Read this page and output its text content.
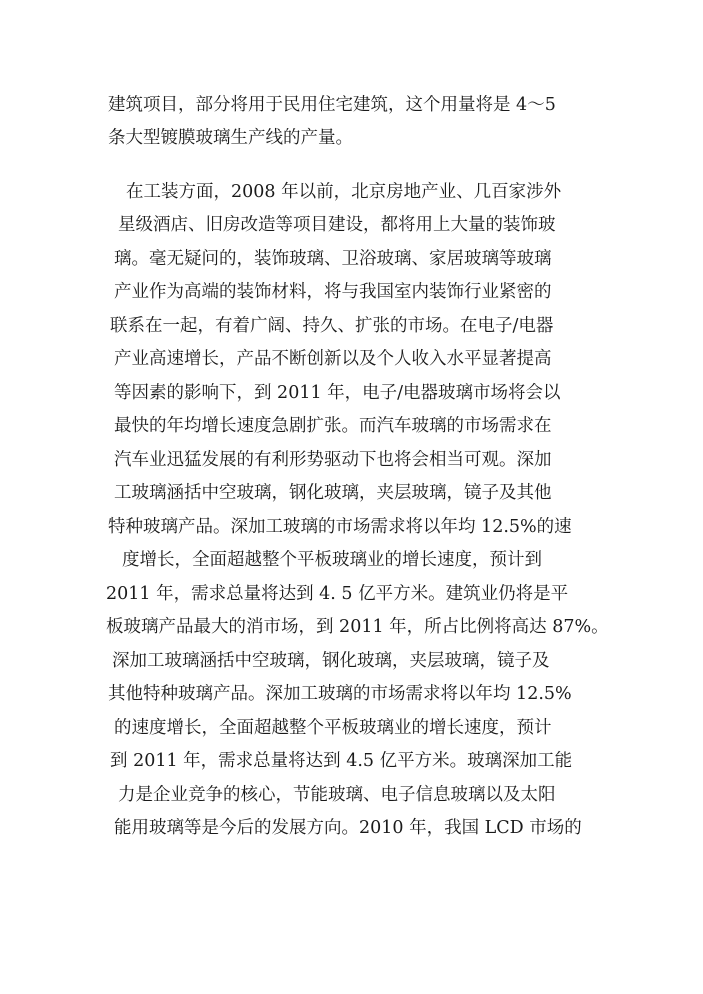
建筑项目，部分将用于民用住宅建筑，这个用量将是 4～5
条大型镀膜玻璃生产线的产量。
在工装方面，2008 年以前，北京房地产业、几百家涉外
星级酒店、旧房改造等项目建设，都将用上大量的装饰玻
璃。毫无疑问的，装饰玻璃、卫浴玻璃、家居玻璃等玻璃
产业作为高端的装饰材料，将与我国室内装饰行业紧密的
联系在一起，有着广阔、持久、扩张的市场。在电子/电器
产业高速增长，产品不断创新以及个人收入水平显著提高
等因素的影响下，到 2011 年，电子/电器玻璃市场将会以
最快的年均增长速度急剧扩张。而汽车玻璃的市场需求在
汽车业迅猛发展的有利形势驱动下也将会相当可观。深加
工玻璃涵括中空玻璃，钢化玻璃，夹层玻璃，镜子及其他
特种玻璃产品。深加工玻璃的市场需求将以年均 12.5%的速
度增长，全面超越整个平板玻璃业的增长速度，预计到
2011 年，需求总量将达到 4. 5 亿平方米。建筑业仍将是平
板玻璃产品最大的消市场，到 2011 年，所占比例将高达 87%。
深加工玻璃涵括中空玻璃，钢化玻璃，夹层玻璃，镜子及
其他特种玻璃产品。深加工玻璃的市场需求将以年均 12.5%
的速度增长，全面超越整个平板玻璃业的增长速度，预计
到 2011 年，需求总量将达到 4.5 亿平方米。玻璃深加工能
力是企业竞争的核心，节能玻璃、电子信息玻璃以及太阳
能用玻璃等是今后的发展方向。2010 年，我国 LCD 市场的
